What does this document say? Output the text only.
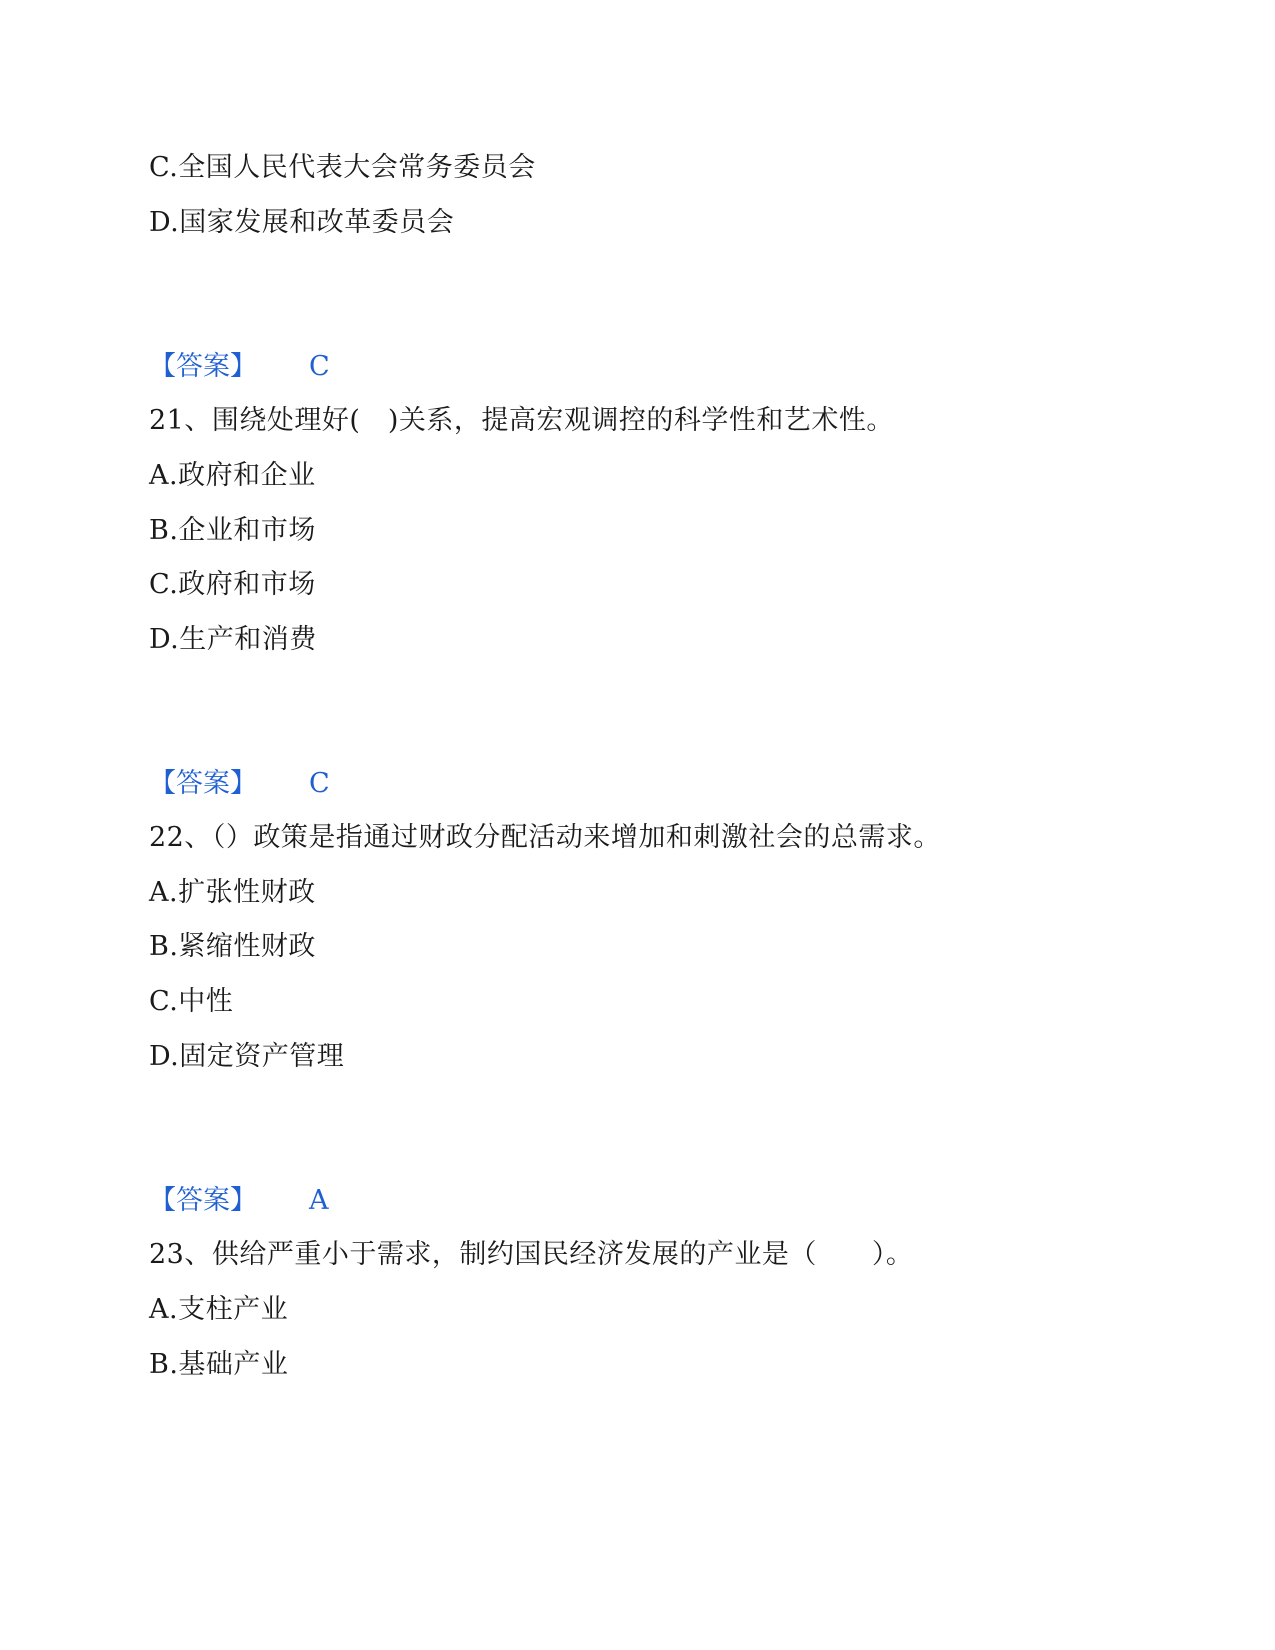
C.全国人民代表大会常务委员会
D.国家发展和改革委员会
【答案】 C
21、围绕处理好(　)关系，提高宏观调控的科学性和艺术性。
A.政府和企业
B.企业和市场
C.政府和市场
D.生产和消费
【答案】 C
22、（）政策是指通过财政分配活动来增加和刺激社会的总需求。
A.扩张性财政
B.紧缩性财政
C.中性
D.固定资产管理
【答案】 A
23、供给严重小于需求，制约国民经济发展的产业是（　　）。
A.支柱产业
B.基础产业
